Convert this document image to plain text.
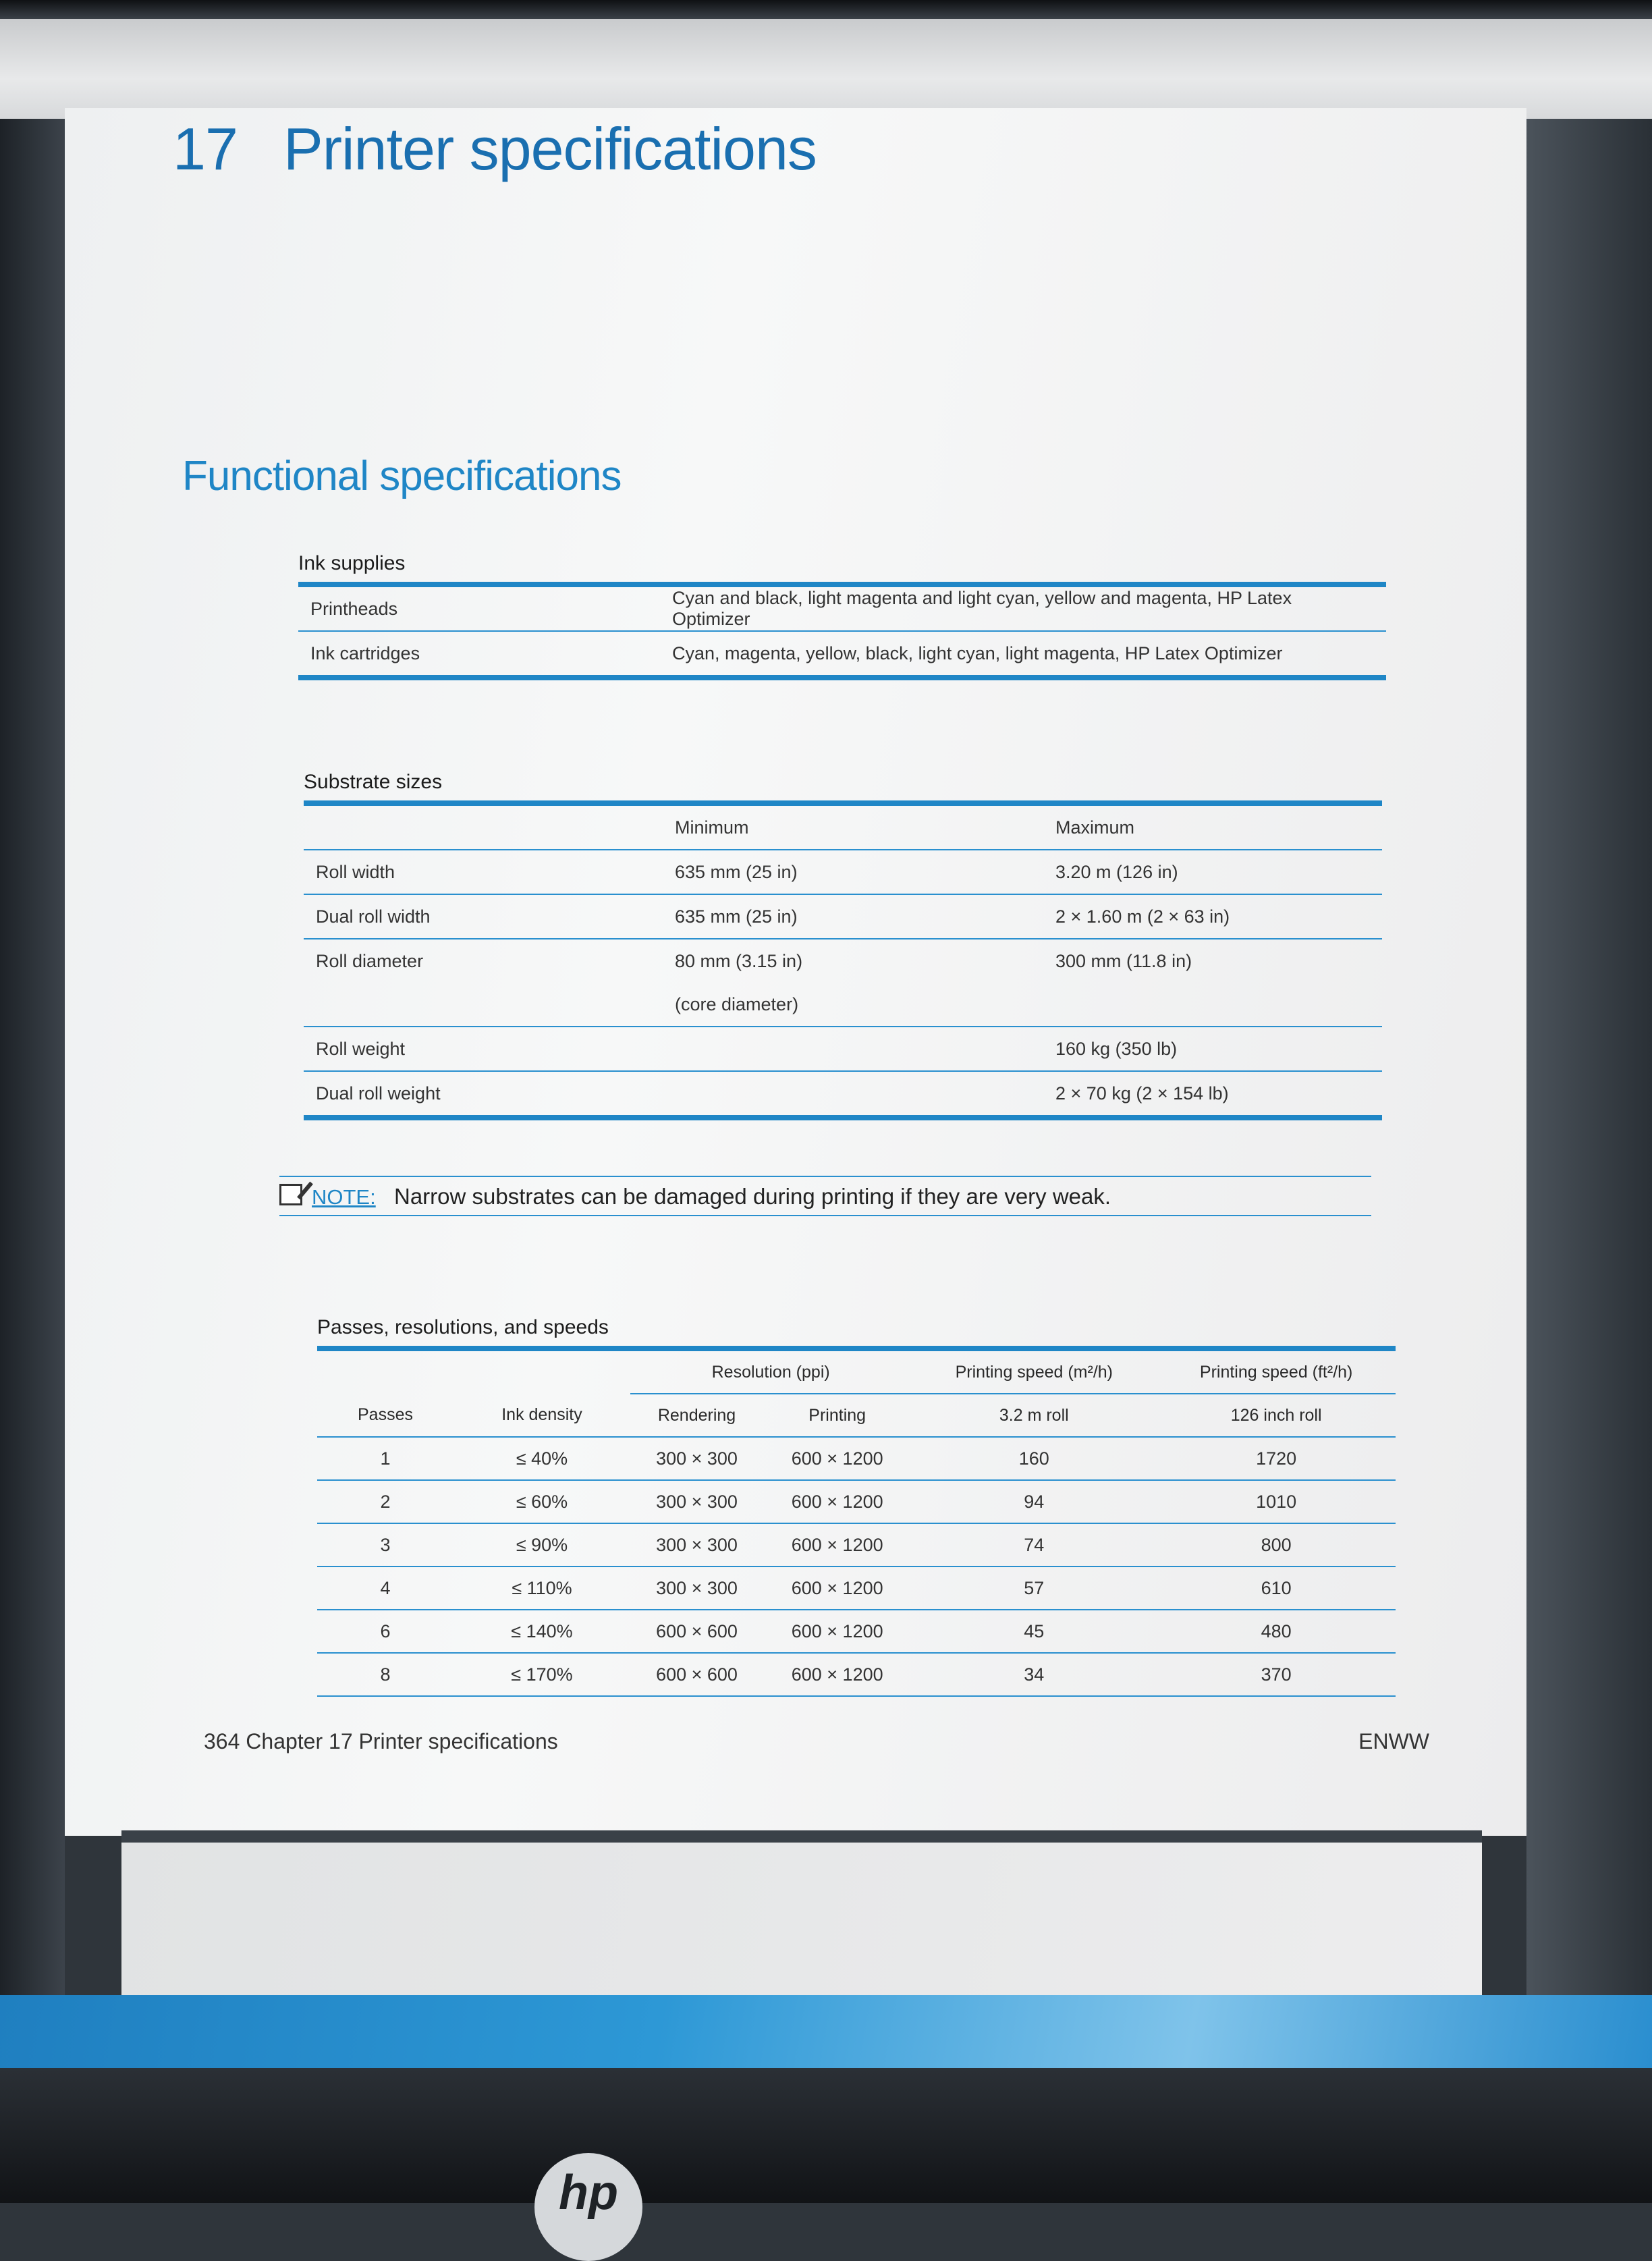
17 Printer specifications
Functional specifications
Ink supplies
Printheads	Cyan and black, light magenta and light cyan, yellow and magenta, HP Latex Optimizer
Ink cartridges	Cyan, magenta, yellow, black, light cyan, light magenta, HP Latex Optimizer
Substrate sizes
	Minimum	Maximum
Roll width	635 mm (25 in)	3.20 m (126 in)
Dual roll width	635 mm (25 in)	2 × 1.60 m (2 × 63 in)
Roll diameter	80 mm (3.15 in)	300 mm (11.8 in)
	(core diameter)	
Roll weight		160 kg (350 lb)
Dual roll weight		2 × 70 kg (2 × 154 lb)
NOTE: Narrow substrates can be damaged during printing if they are very weak.
Passes, resolutions, and speeds
		Resolution (ppi)		Printing speed (m²/h)	Printing speed (ft²/h)
Passes	Ink density	Rendering	Printing	3.2 m roll	126 inch roll
1	≤ 40%	300 × 300	600 × 1200	160	1720
2	≤ 60%	300 × 300	600 × 1200	94	1010
3	≤ 90%	300 × 300	600 × 1200	74	800
4	≤ 110%	300 × 300	600 × 1200	57	610
6	≤ 140%	600 × 600	600 × 1200	45	480
8	≤ 170%	600 × 600	600 × 1200	34	370
364 Chapter 17 Printer specifications	ENWW
hp
